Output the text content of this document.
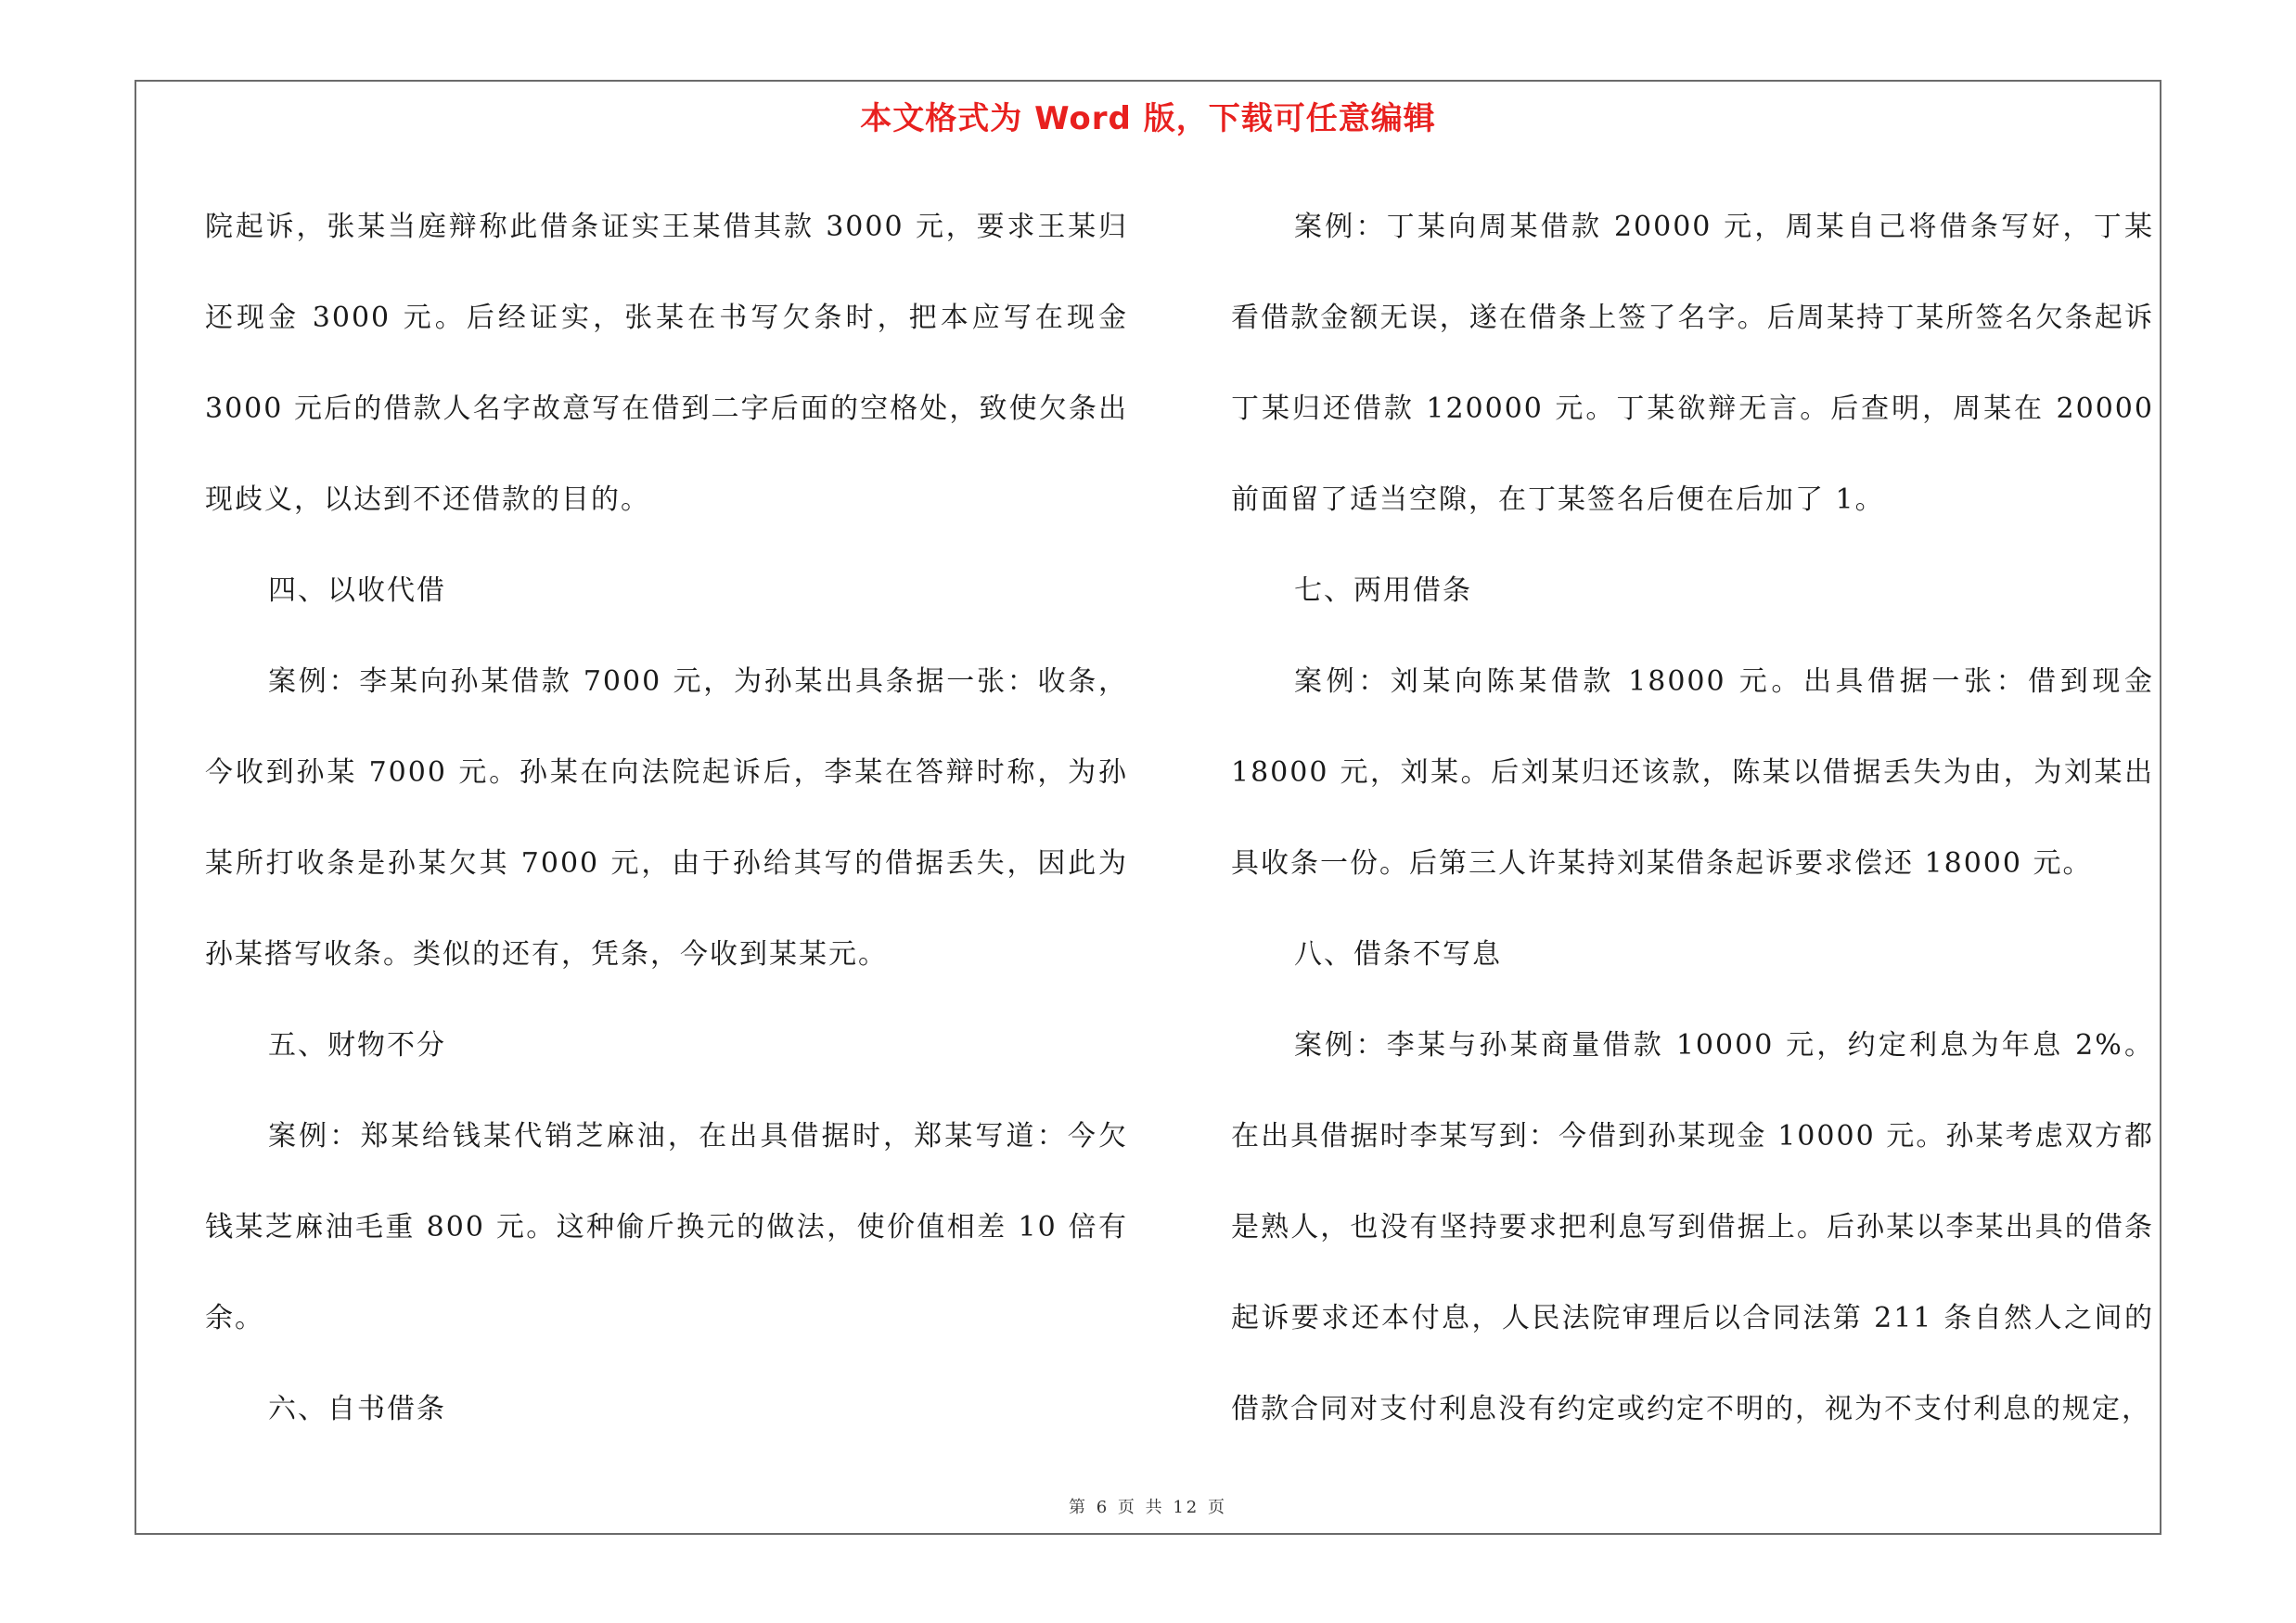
本文格式为 Word 版，下载可任意编辑

院起诉，张某当庭辩称此借条证实王某借其款 3000 元，要求王某归还现金 3000 元。后经证实，张某在书写欠条时，把本应写在现金 3000 元后的借款人名字故意写在借到二字后面的空格处，致使欠条出现歧义，以达到不还借款的目的。

四、以收代借

案例：李某向孙某借款 7000 元，为孙某出具条据一张：收条，今收到孙某 7000 元。孙某在向法院起诉后，李某在答辩时称，为孙某所打收条是孙某欠其 7000 元，由于孙给其写的借据丢失，因此为孙某搭写收条。类似的还有，凭条，今收到某某元。

五、财物不分

案例：郑某给钱某代销芝麻油，在出具借据时，郑某写道：今欠钱某芝麻油毛重 800 元。这种偷斤换元的做法，使价值相差 10 倍有余。

六、自书借条

案例：丁某向周某借款 20000 元，周某自己将借条写好，丁某看借款金额无误，遂在借条上签了名字。后周某持丁某所签名欠条起诉丁某归还借款 120000 元。丁某欲辩无言。后查明，周某在 20000 前面留了适当空隙，在丁某签名后便在后加了 1。

七、两用借条

案例：刘某向陈某借款 18000 元。出具借据一张：借到现金 18000 元，刘某。后刘某归还该款，陈某以借据丢失为由，为刘某出具收条一份。后第三人许某持刘某借条起诉要求偿还 18000 元。

八、借条不写息

案例：李某与孙某商量借款 10000 元，约定利息为年息 2%。在出具借据时李某写到：今借到孙某现金 10000 元。孙某考虑双方都是熟人，也没有坚持要求把利息写到借据上。后孙某以李某出具的借条起诉要求还本付息，人民法院审理后以合同法第 211 条自然人之间的借款合同对支付利息没有约定或约定不明的，视为不支付利息的规定，

第 6 页 共 12 页
